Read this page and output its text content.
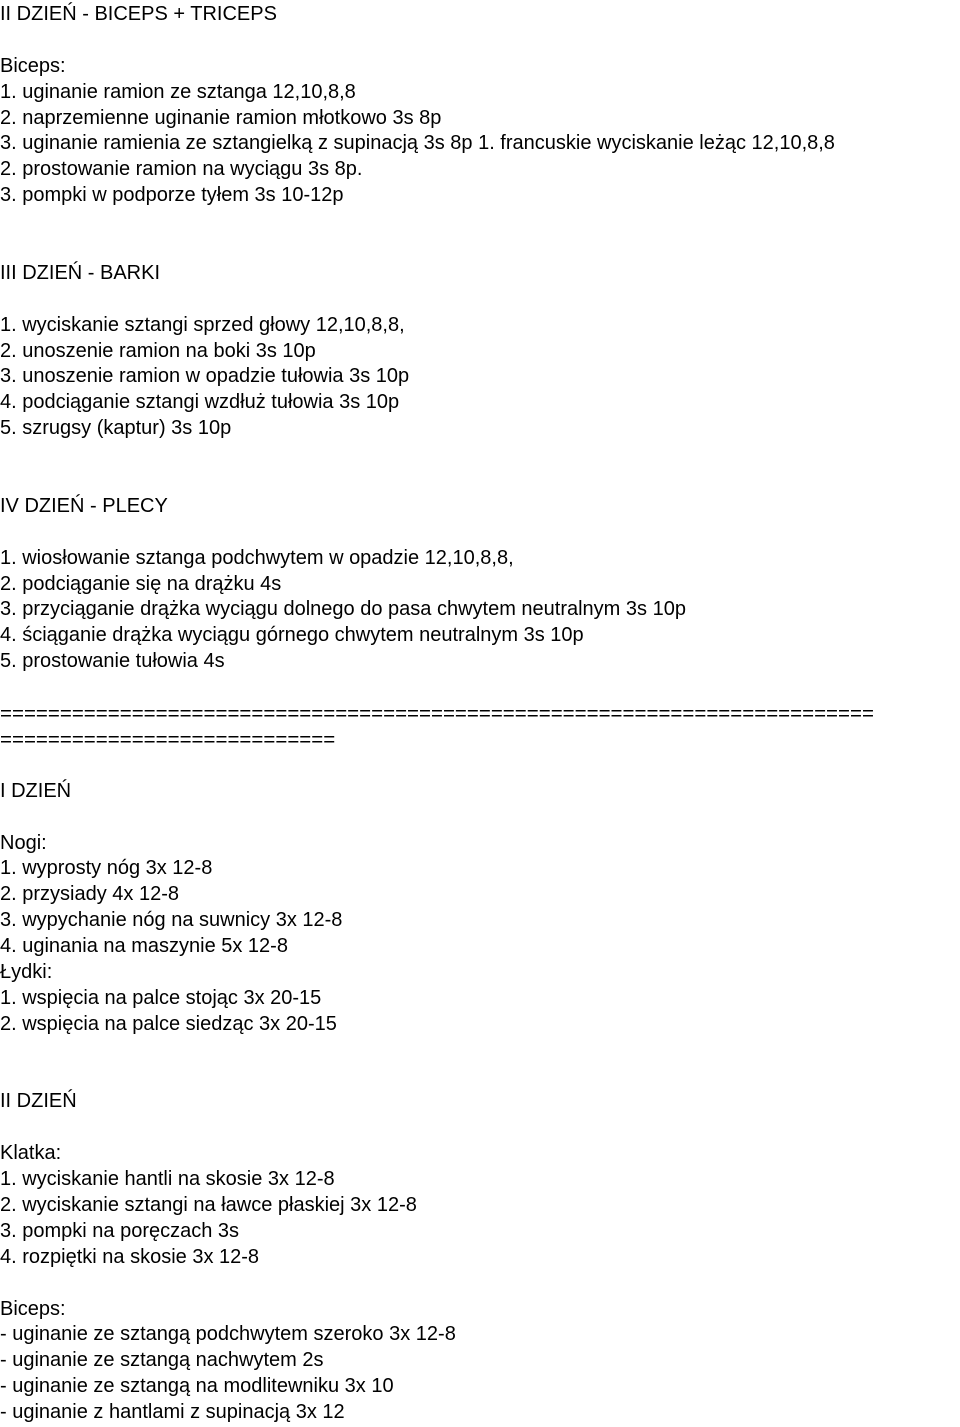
II DZIEŃ - BICEPS + TRICEPS
Biceps:
1. uginanie ramion ze sztanga 12,10,8,8
2. naprzemienne uginanie ramion młotkowo 3s 8p
3. uginanie ramienia ze sztangielką z supinacją 3s 8p 1. francuskie wyciskanie leżąc 12,10,8,8
2. prostowanie ramion na wyciągu 3s 8p.
3. pompki w podporze tyłem 3s 10-12p
III DZIEŃ - BARKI
1. wyciskanie sztangi sprzed głowy 12,10,8,8,
2. unoszenie ramion na boki 3s 10p
3. unoszenie ramion w opadzie tułowia 3s 10p
4. podciąganie sztangi wzdłuż tułowia 3s 10p
5. szrugsy (kaptur) 3s 10p
IV DZIEŃ - PLECY
1. wiosłowanie sztanga podchwytem w opadzie 12,10,8,8,
2. podciąganie się na drążku 4s
3. przyciąganie drążka wyciągu dolnego do pasa chwytem neutralnym 3s 10p
4. ściąganie drążka wyciągu górnego chwytem neutralnym 3s 10p
5. prostowanie tułowia 4s
=========================================================================
============================
I DZIEŃ
Nogi:
1. wyprosty nóg 3x 12-8
2. przysiady 4x 12-8
3. wypychanie nóg na suwnicy 3x 12-8
4. uginania na maszynie 5x 12-8
Łydki:
1. wspięcia na palce stojąc 3x 20-15
2. wspięcia na palce siedząc 3x 20-15
II DZIEŃ
Klatka:
1. wyciskanie hantli na skosie 3x 12-8
2. wyciskanie sztangi na ławce płaskiej 3x 12-8
3. pompki na poręczach 3s
4. rozpiętki na skosie 3x 12-8
Biceps:
- uginanie ze sztangą podchwytem szeroko 3x 12-8
- uginanie ze sztangą nachwytem 2s
- uginanie ze sztangą na modlitewniku 3x 10
- uginanie z hantlami z supinacją 3x 12
